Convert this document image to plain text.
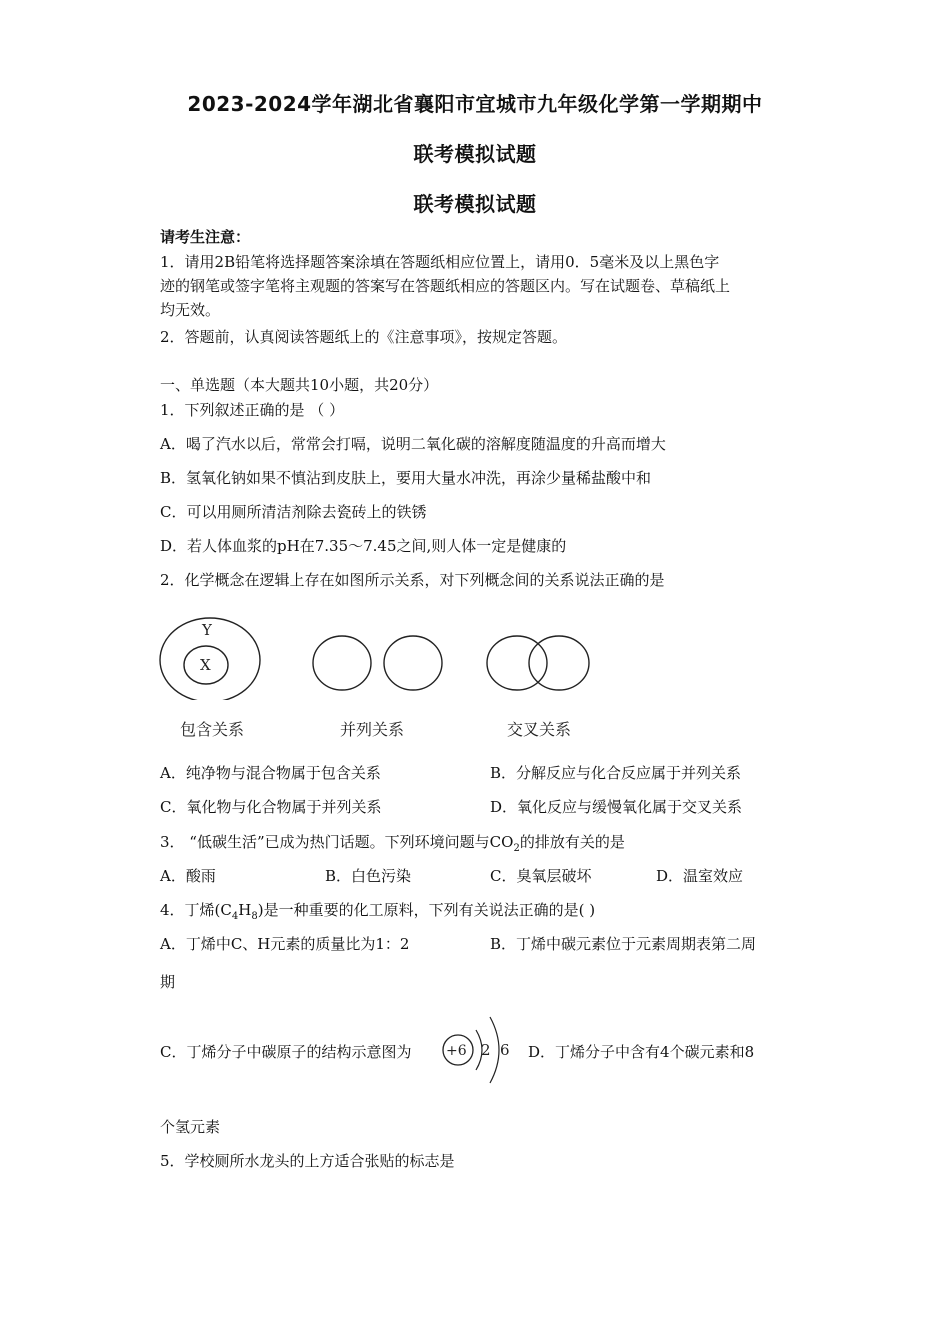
2023-2024学年湖北省襄阳市宜城市九年级化学第一学期期中
联考模拟试题
联考模拟试题
请考生注意：
1．请用2B铅笔将选择题答案涂填在答题纸相应位置上，请用0．5毫米及以上黑色字
迹的钢笔或签字笔将主观题的答案写在答题纸相应的答题区内。写在试题卷、草稿纸上
均无效。
2．答题前，认真阅读答题纸上的《注意事项》，按规定答题。
一、单选题（本大题共10小题，共20分）
1．下列叙述正确的是 （ ）
A．喝了汽水以后，常常会打嗝，说明二氧化碳的溶解度随温度的升高而增大
B．氢氧化钠如果不慎沾到皮肤上，要用大量水冲洗，再涂少量稀盐酸中和
C．可以用厕所清洁剂除去瓷砖上的铁锈
D．若人体血浆的pH在7.35～7.45之间,则人体一定是健康的
2．化学概念在逻辑上存在如图所示关系，对下列概念间的关系说法正确的是
Y
X
包含关系	并列关系	交叉关系
A．纯净物与混合物属于包含关系	B．分解反应与化合反应属于并列关系
C．氧化物与化合物属于并列关系	D．氧化反应与缓慢氧化属于交叉关系
3． “低碳生活”已成为热门话题。下列环境问题与$CO_2$的排放有关的是
A．酸雨	B．白色污染	C．臭氧层破坏	D．温室效应
4．丁烯$(C_4H_8)$是一种重要的化工原料，下列有关说法正确的是( )
A．丁烯中C、H元素的质量比为1：2	B．丁烯中碳元素位于元素周期表第二周
期
C．丁烯分子中碳原子的结构示意图为 +6 2 6 D．丁烯分子中含有4个碳元素和8
个氢元素
5．学校厕所水龙头的上方适合张贴的标志是
